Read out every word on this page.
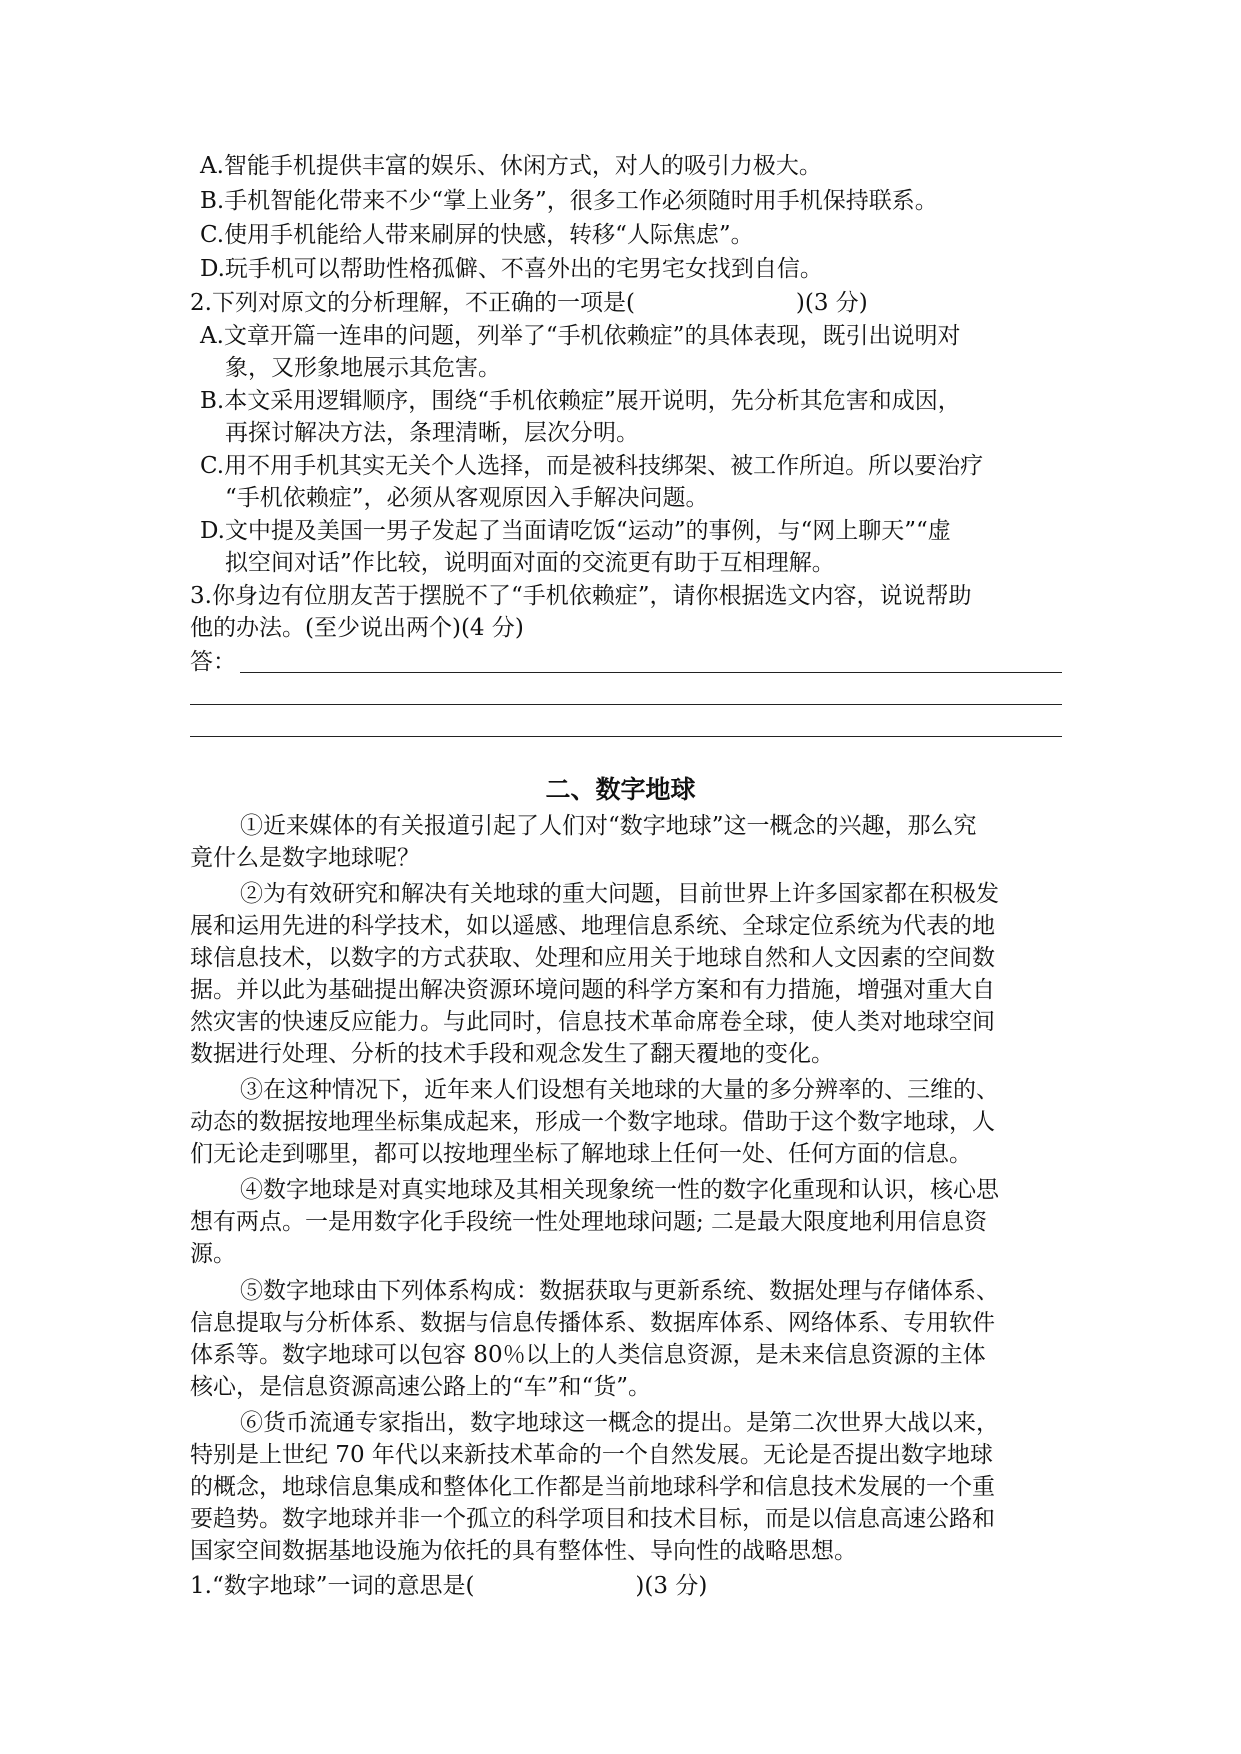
A.智能手机提供丰富的娱乐、休闲方式，对人的吸引力极大。
B.手机智能化带来不少“掌上业务”，很多工作必须随时用手机保持联系。
C.使用手机能给人带来刷屏的快感，转移“人际焦虑”。
D.玩手机可以帮助性格孤僻、不喜外出的宅男宅女找到自信。
2.下列对原文的分析理解，不正确的一项是(　　　　　　　)(3 分)
A.文章开篇一连串的问题，列举了“手机依赖症”的具体表现，既引出说明对
象，又形象地展示其危害。
B.本文采用逻辑顺序，围绕“手机依赖症”展开说明，先分析其危害和成因，
再探讨解决方法，条理清晰，层次分明。
C.用不用手机其实无关个人选择，而是被科技绑架、被工作所迫。所以要治疗
“手机依赖症”，必须从客观原因入手解决问题。
D.文中提及美国一男子发起了当面请吃饭“运动”的事例，与“网上聊天”“虚
拟空间对话”作比较，说明面对面的交流更有助于互相理解。
3.你身边有位朋友苦于摆脱不了“手机依赖症”，请你根据选文内容，说说帮助
他的办法。(至少说出两个)(4 分)
答：
二、数字地球
①近来媒体的有关报道引起了人们对“数字地球”这一概念的兴趣，那么究
竟什么是数字地球呢？
②为有效研究和解决有关地球的重大问题，目前世界上许多国家都在积极发
展和运用先进的科学技术，如以遥感、地理信息系统、全球定位系统为代表的地
球信息技术，以数字的方式获取、处理和应用关于地球自然和人文因素的空间数
据。并以此为基础提出解决资源环境问题的科学方案和有力措施，增强对重大自
然灾害的快速反应能力。与此同时，信息技术革命席卷全球，使人类对地球空间
数据进行处理、分析的技术手段和观念发生了翻天覆地的变化。
③在这种情况下，近年来人们设想有关地球的大量的多分辨率的、三维的、
动态的数据按地理坐标集成起来，形成一个数字地球。借助于这个数字地球，人
们无论走到哪里，都可以按地理坐标了解地球上任何一处、任何方面的信息。
④数字地球是对真实地球及其相关现象统一性的数字化重现和认识，核心思
想有两点。一是用数字化手段统一性处理地球问题; 二是最大限度地利用信息资
源。
⑤数字地球由下列体系构成：数据获取与更新系统、数据处理与存储体系、
信息提取与分析体系、数据与信息传播体系、数据库体系、网络体系、专用软件
体系等。数字地球可以包容 80％以上的人类信息资源，是未来信息资源的主体
核心，是信息资源高速公路上的“车”和“货”。
⑥货币流通专家指出，数字地球这一概念的提出。是第二次世界大战以来，
特别是上世纪 70 年代以来新技术革命的一个自然发展。无论是否提出数字地球
的概念，地球信息集成和整体化工作都是当前地球科学和信息技术发展的一个重
要趋势。数字地球并非一个孤立的科学项目和技术目标，而是以信息高速公路和
国家空间数据基地设施为依托的具有整体性、导向性的战略思想。
1.“数字地球”一词的意思是(　　　　　　　)(3 分)
